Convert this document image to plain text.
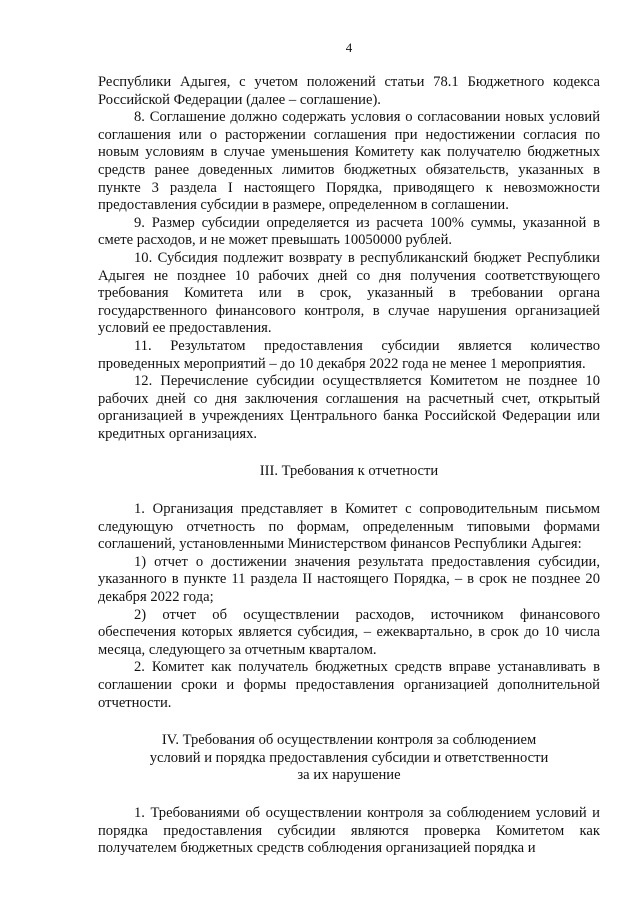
4

Республики Адыгея, с учетом положений статьи 78.1 Бюджетного кодекса Российской Федерации (далее – соглашение).

8. Соглашение должно содержать условия о согласовании новых условий соглашения или о расторжении соглашения при недостижении согласия по новым условиям в случае уменьшения Комитету как получателю бюджетных средств ранее доведенных лимитов бюджетных обязательств, указанных в пункте 3 раздела I настоящего Порядка, приводящего к невозможности предоставления субсидии в размере, определенном в соглашении.

9. Размер субсидии определяется из расчета 100% суммы, указанной в смете расходов, и не может превышать 10050000 рублей.

10. Субсидия подлежит возврату в республиканский бюджет Республики Адыгея не позднее 10 рабочих дней со дня получения соответствующего требования Комитета или в срок, указанный в требовании органа государственного финансового контроля, в случае нарушения организацией условий ее предоставления.

11. Результатом предоставления субсидии является количество проведенных мероприятий – до 10 декабря 2022 года не менее 1 мероприятия.

12. Перечисление субсидии осуществляется Комитетом не позднее 10 рабочих дней со дня заключения соглашения на расчетный счет, открытый организацией в учреждениях Центрального банка Российской Федерации или кредитных организациях.

III. Требования к отчетности

1. Организация представляет в Комитет с сопроводительным письмом следующую отчетность по формам, определенным типовыми формами соглашений, установленными Министерством финансов Республики Адыгея:

1) отчет о достижении значения результата предоставления субсидии, указанного в пункте 11 раздела II настоящего Порядка, – в срок не позднее 20 декабря 2022 года;

2) отчет об осуществлении расходов, источником финансового обеспечения которых является субсидия, – ежеквартально, в срок до 10 числа месяца, следующего за отчетным кварталом.

2. Комитет как получатель бюджетных средств вправе устанавливать в соглашении сроки и формы предоставления организацией дополнительной отчетности.

IV. Требования об осуществлении контроля за соблюдением
условий и порядка предоставления субсидии и ответственности
за их нарушение

1. Требованиями об осуществлении контроля за соблюдением условий и порядка предоставления субсидии являются проверка Комитетом как получателем бюджетных средств соблюдения организацией порядка и
